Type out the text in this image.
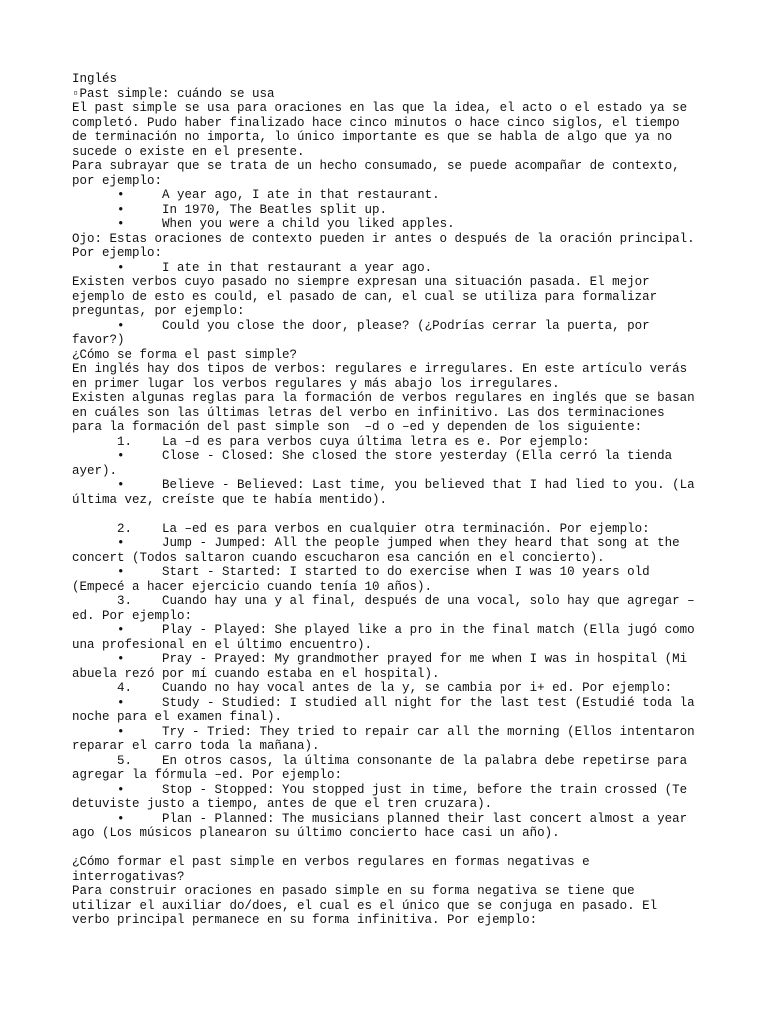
Inglés
▫Past simple: cuándo se usa
El past simple se usa para oraciones en las que la idea, el acto o el estado ya se
completó. Pudo haber finalizado hace cinco minutos o hace cinco siglos, el tiempo
de terminación no importa, lo único importante es que se habla de algo que ya no
sucede o existe en el presente.
Para subrayar que se trata de un hecho consumado, se puede acompañar de contexto,
por ejemplo:
•     A year ago, I ate in that restaurant.
•     In 1970, The Beatles split up.
•     When you were a child you liked apples.
Ojo: Estas oraciones de contexto pueden ir antes o después de la oración principal.
Por ejemplo:
•     I ate in that restaurant a year ago.
Existen verbos cuyo pasado no siempre expresan una situación pasada. El mejor
ejemplo de esto es could, el pasado de can, el cual se utiliza para formalizar
preguntas, por ejemplo:
•     Could you close the door, please? (¿Podrías cerrar la puerta, por
favor?)
¿Cómo se forma el past simple?
En inglés hay dos tipos de verbos: regulares e irregulares. En este artículo verás
en primer lugar los verbos regulares y más abajo los irregulares.
Existen algunas reglas para la formación de verbos regulares en inglés que se basan
en cuáles son las últimas letras del verbo en infinitivo. Las dos terminaciones
para la formación del past simple son  –d o –ed y dependen de los siguiente:
1.    La –d es para verbos cuya última letra es e. Por ejemplo:
•     Close - Closed: She closed the store yesterday (Ella cerró la tienda
ayer).
•     Believe - Believed: Last time, you believed that I had lied to you. (La
última vez, creíste que te había mentido).
2.    La –ed es para verbos en cualquier otra terminación. Por ejemplo:
•     Jump - Jumped: All the people jumped when they heard that song at the
concert (Todos saltaron cuando escucharon esa canción en el concierto).
•     Start - Started: I started to do exercise when I was 10 years old
(Empecé a hacer ejercicio cuando tenía 10 años).
3.    Cuando hay una y al final, después de una vocal, solo hay que agregar –
ed. Por ejemplo:
•     Play - Played: She played like a pro in the final match (Ella jugó como
una profesional en el último encuentro).
•     Pray - Prayed: My grandmother prayed for me when I was in hospital (Mi
abuela rezó por mí cuando estaba en el hospital).
4.    Cuando no hay vocal antes de la y, se cambia por i+ ed. Por ejemplo:
•     Study - Studied: I studied all night for the last test (Estudié toda la
noche para el examen final).
•     Try - Tried: They tried to repair car all the morning (Ellos intentaron
reparar el carro toda la mañana).
5.    En otros casos, la última consonante de la palabra debe repetirse para
agregar la fórmula –ed. Por ejemplo:
•     Stop - Stopped: You stopped just in time, before the train crossed (Te
detuviste justo a tiempo, antes de que el tren cruzara).
•     Plan - Planned: The musicians planned their last concert almost a year
ago (Los músicos planearon su último concierto hace casi un año).
¿Cómo formar el past simple en verbos regulares en formas negativas e
interrogativas?
Para construir oraciones en pasado simple en su forma negativa se tiene que
utilizar el auxiliar do/does, el cual es el único que se conjuga en pasado. El
verbo principal permanece en su forma infinitiva. Por ejemplo:
